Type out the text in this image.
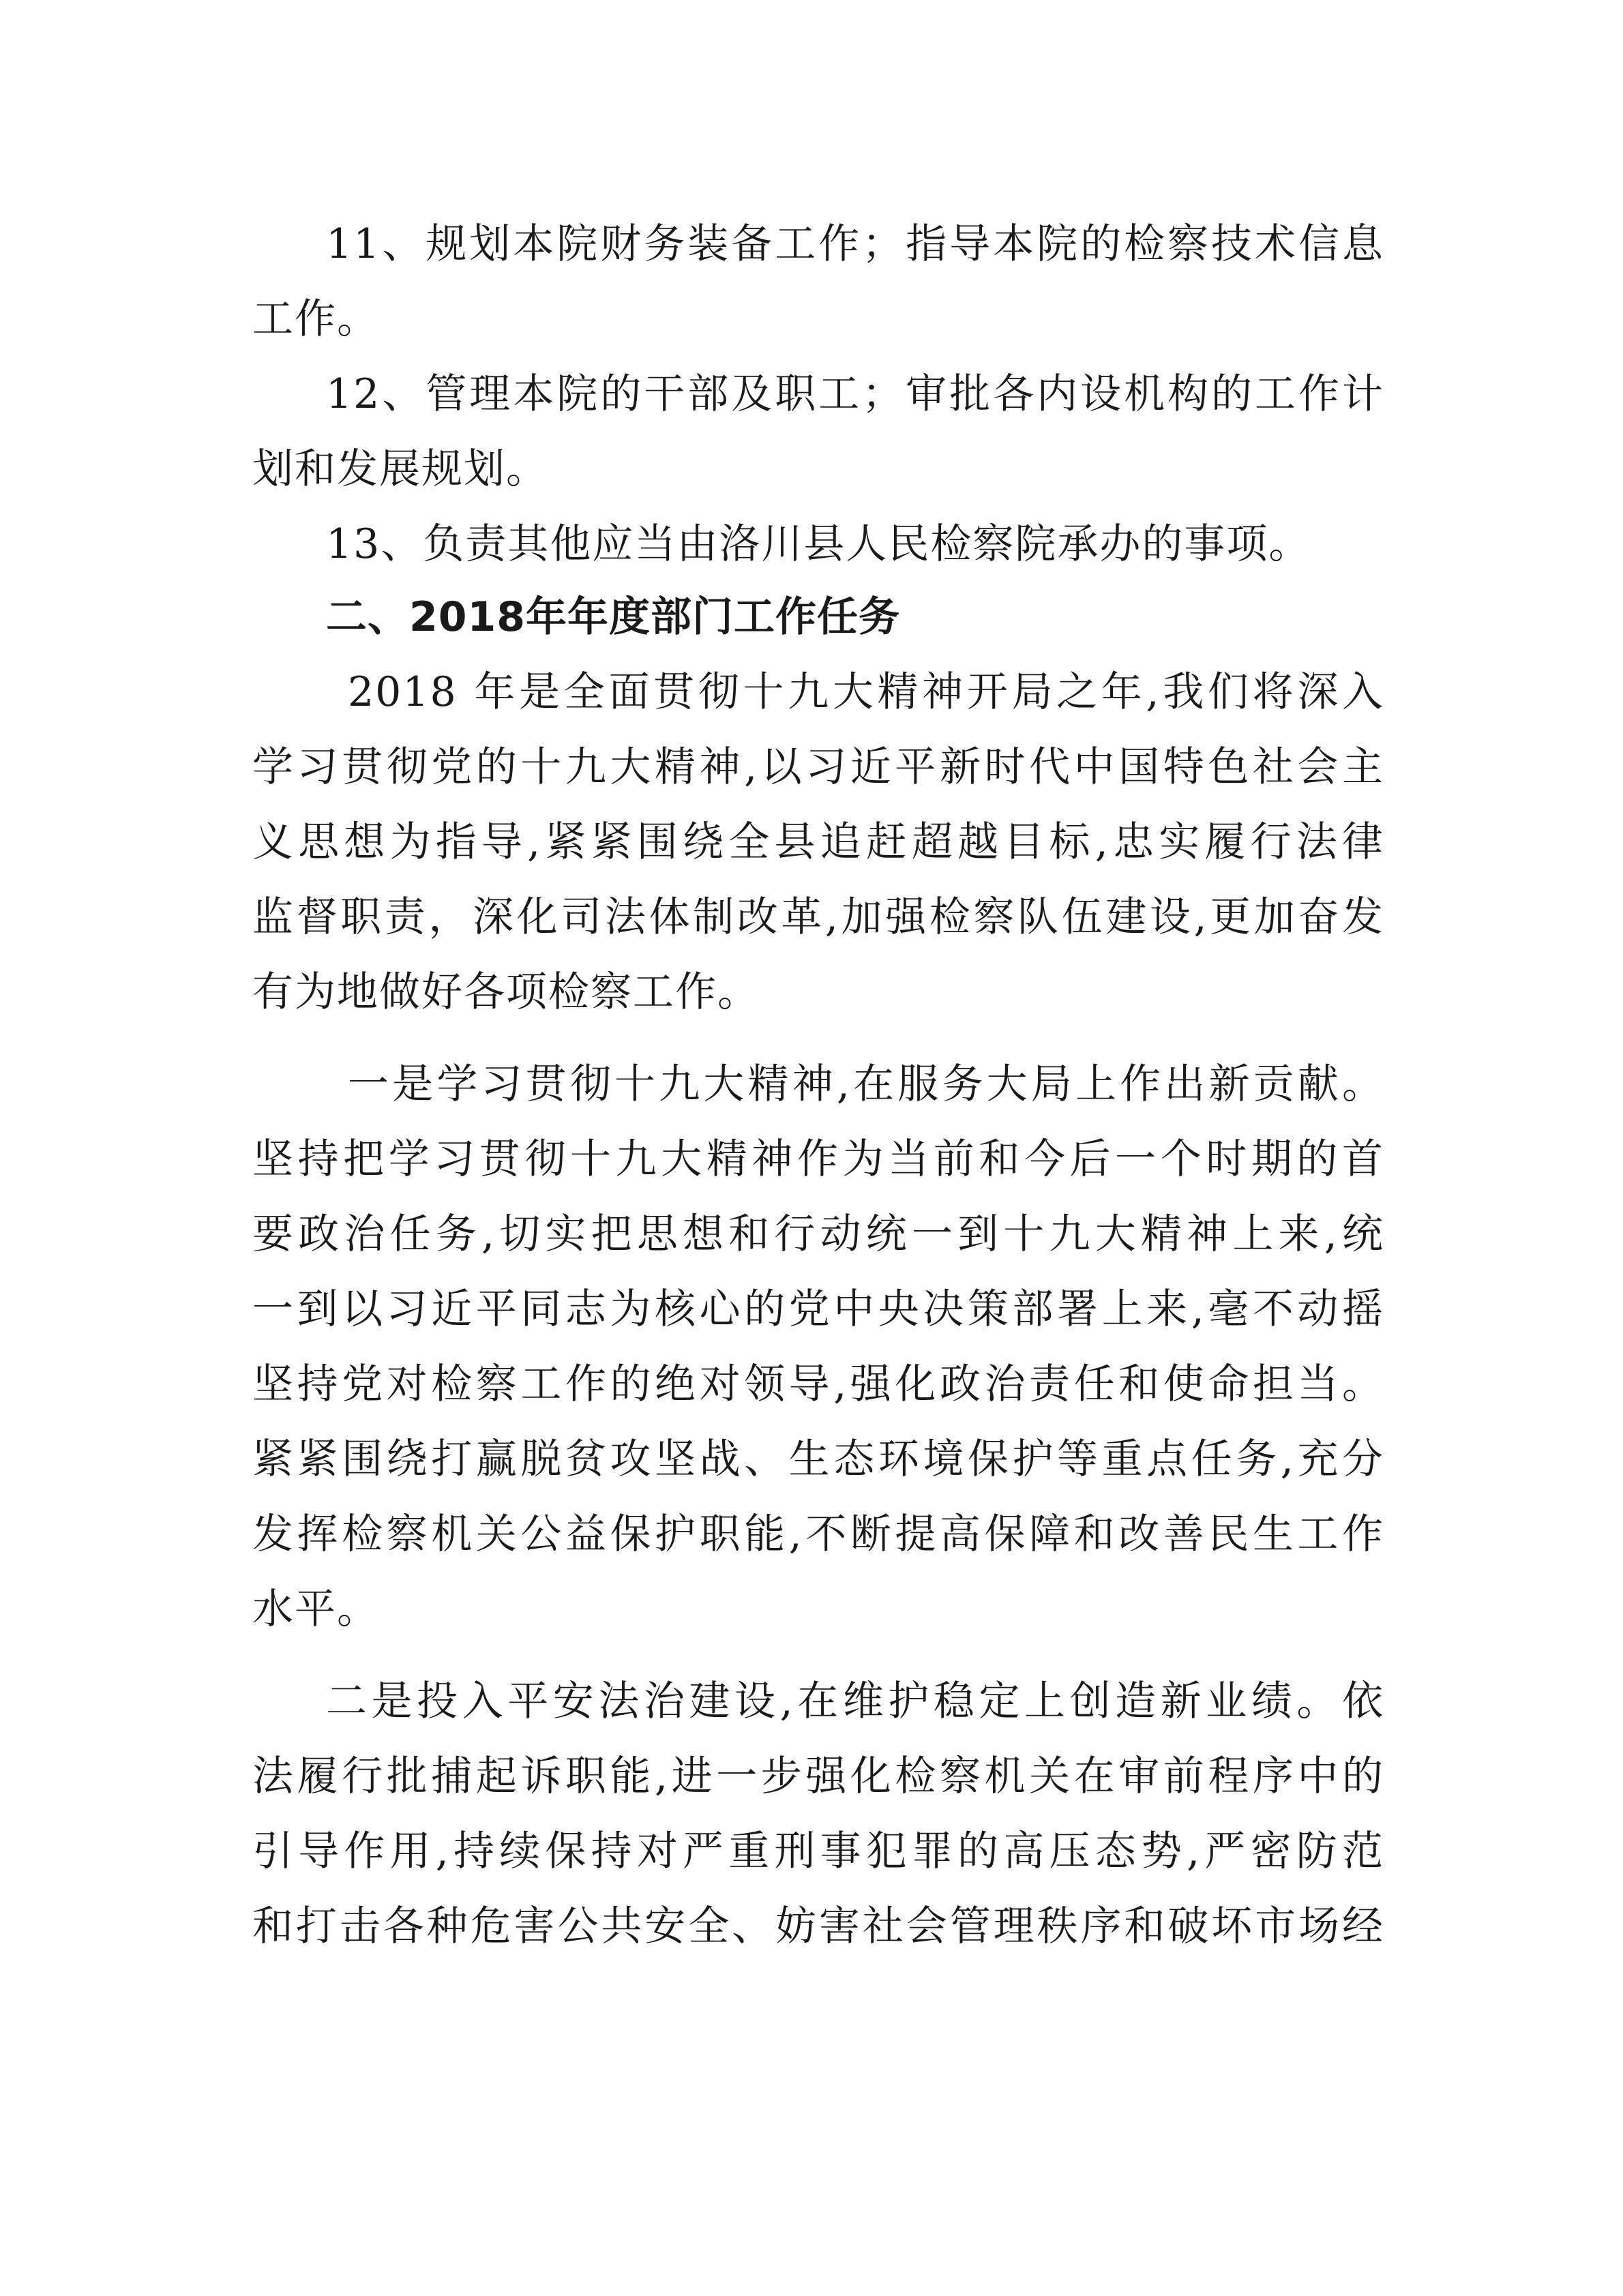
11、规划本院财务装备工作；指导本院的检察技术信息
工作。
12、管理本院的干部及职工；审批各内设机构的工作计
划和发展规划。
13、负责其他应当由洛川县人民检察院承办的事项。
二、2018年年度部门工作任务
2018 年是全面贯彻十九大精神开局之年,我们将深入
学习贯彻党的十九大精神,以习近平新时代中国特色社会主
义思想为指导,紧紧围绕全县追赶超越目标,忠实履行法律
监督职责，深化司法体制改革,加强检察队伍建设,更加奋发
有为地做好各项检察工作。
一是学习贯彻十九大精神,在服务大局上作出新贡献。
坚持把学习贯彻十九大精神作为当前和今后一个时期的首
要政治任务,切实把思想和行动统一到十九大精神上来,统
一到以习近平同志为核心的党中央决策部署上来,毫不动摇
坚持党对检察工作的绝对领导,强化政治责任和使命担当。
紧紧围绕打赢脱贫攻坚战、生态环境保护等重点任务,充分
发挥检察机关公益保护职能,不断提高保障和改善民生工作
水平。
二是投入平安法治建设,在维护稳定上创造新业绩。依
法履行批捕起诉职能,进一步强化检察机关在审前程序中的
引导作用,持续保持对严重刑事犯罪的高压态势,严密防范
和打击各种危害公共安全、妨害社会管理秩序和破坏市场经
